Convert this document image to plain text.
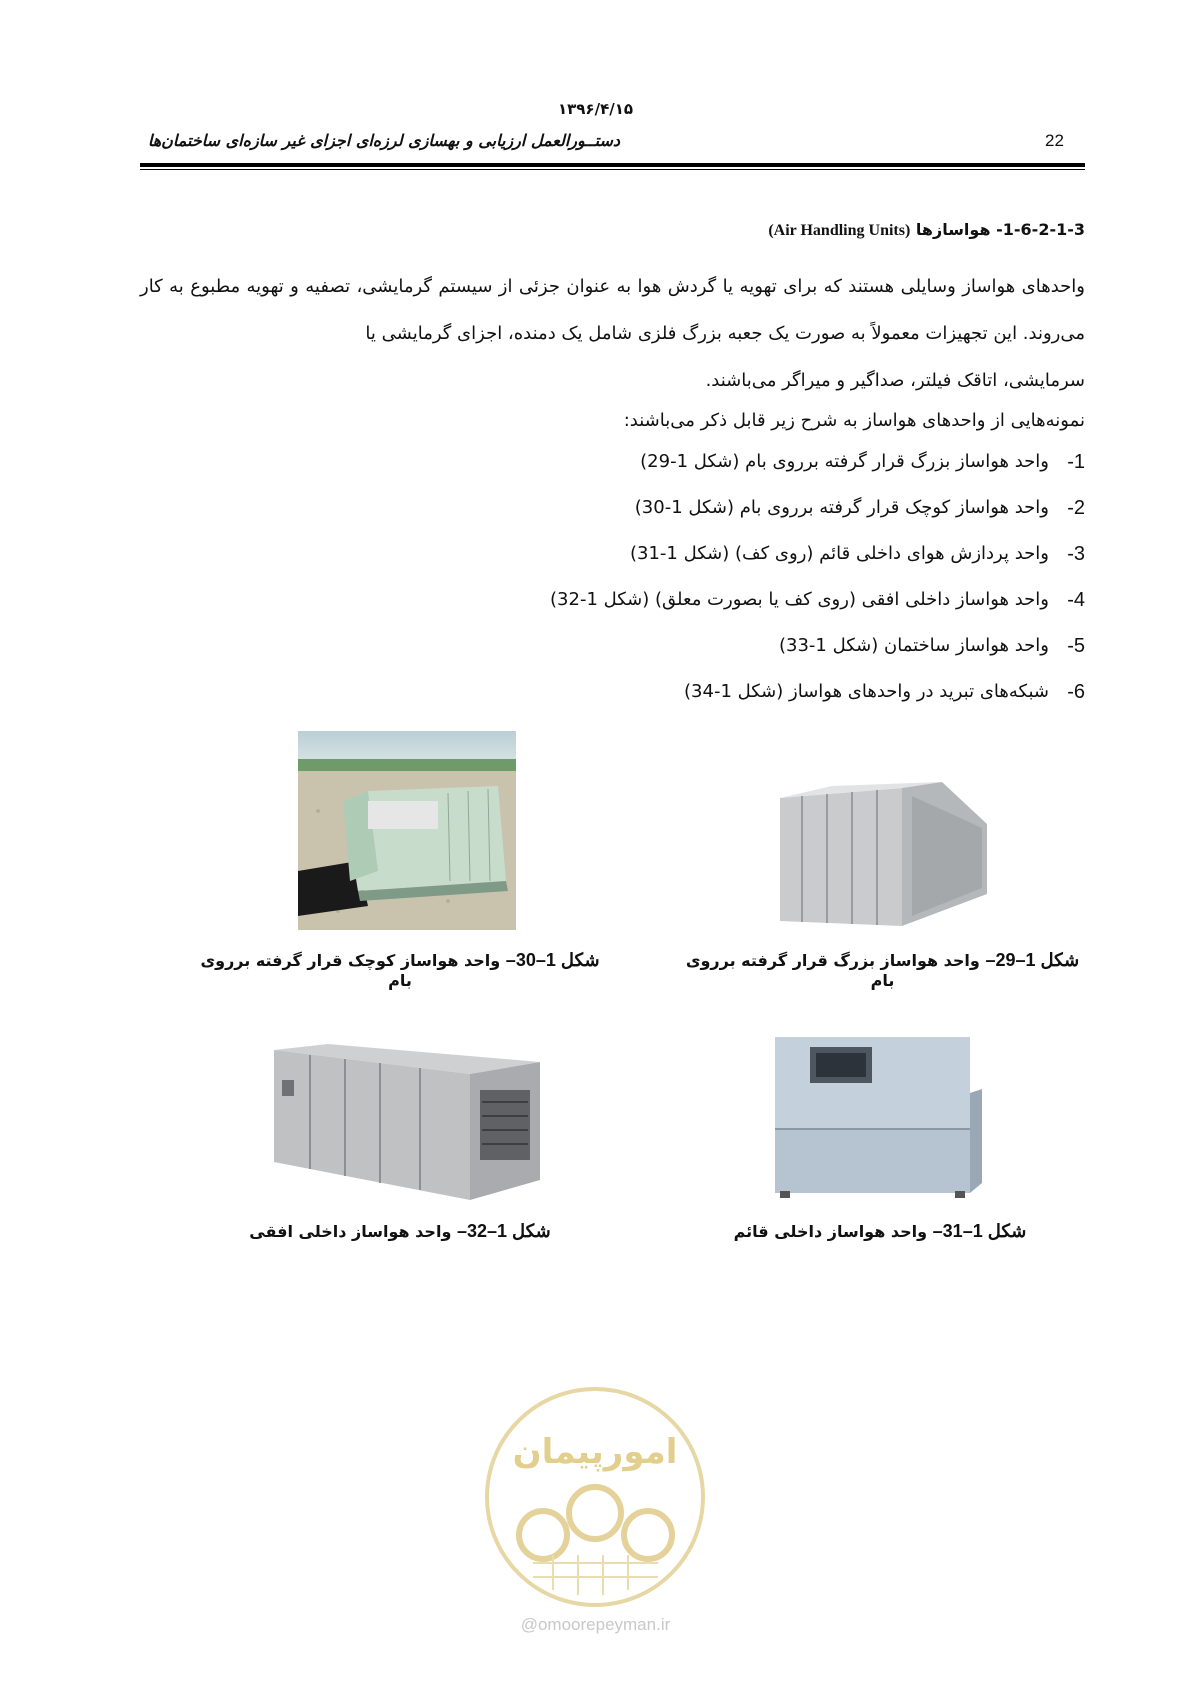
۱۳۹۶/۴/۱۵
22
دستــورالعمل ارزیابی و بهسازی لرزه‌ای اجزای غیر سازه‌ای ساختمان‌ها
1-6-2-1-3- هواسازها (Air Handling Units)
واحدهای هواساز وسایلی هستند که برای تهویه یا گردش هوا به عنوان جزئی از سیستم گرمایشی، تصفیه و تهویه مطبوع به کار می‌روند. این تجهیزات معمولاً به صورت یک جعبه بزرگ فلزی شامل یک دمنده، اجزای گرمایشی یا
سرمایشی، اتاقک فیلتر، صداگیر و میراگر می‌باشند.
نمونه‌هایی از واحدهای هواساز به شرح زیر قابل ذکر می‌باشند:
1-
واحد هواساز بزرگ قرار گرفته برروی بام (شکل 1-29)
2-
واحد هواساز کوچک قرار گرفته برروی بام (شکل 1-30)
3-
واحد پردازش هوای داخلی قائم (روی کف) (شکل 1-31)
4-
واحد هواساز داخلی افقی (روی کف یا بصورت معلق) (شکل 1-32)
5-
واحد هواساز ساختمان (شکل 1-33)
6-
شبکه‌های تبرید در واحدهای هواساز (شکل 1-34)
شکل 1–30– واحد هواساز کوچک قرار گرفته برروی بام
شکل 1–29– واحد هواساز بزرگ قرار گرفته برروی بام
شکل 1–32– واحد هواساز داخلی افقی	شکل 1–31– واحد هواساز داخلی قائم
امورپیمان
@omoorepeyman.ir
